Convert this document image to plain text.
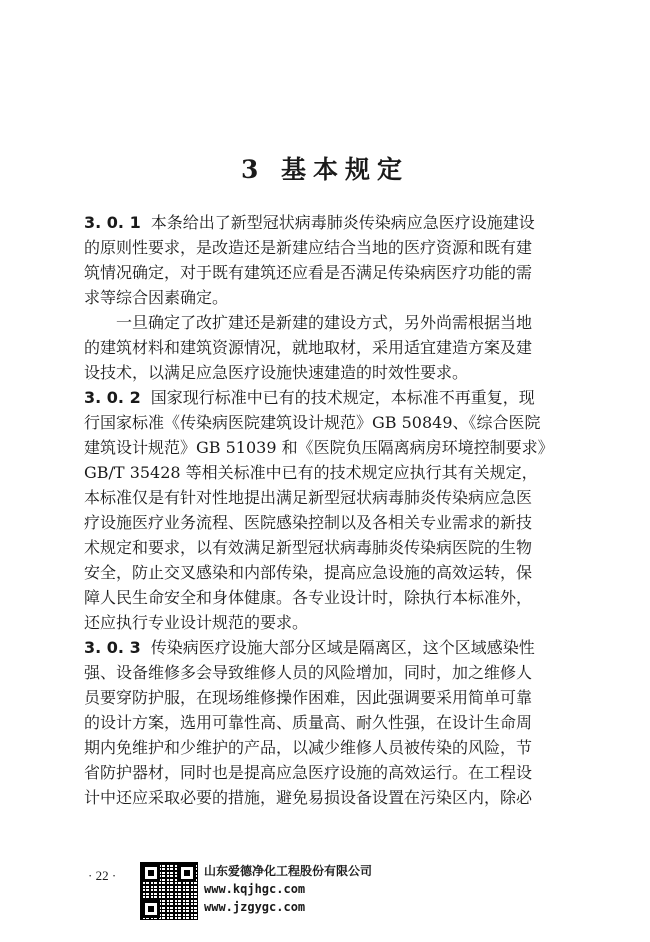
3 基本规定
3. 0. 1 本条给出了新型冠状病毒肺炎传染病应急医疗设施建设
的原则性要求，是改造还是新建应结合当地的医疗资源和既有建
筑情况确定，对于既有建筑还应看是否满足传染病医疗功能的需
求等综合因素确定。
一旦确定了改扩建还是新建的建设方式，另外尚需根据当地
的建筑材料和建筑资源情况，就地取材，采用适宜建造方案及建
设技术，以满足应急医疗设施快速建造的时效性要求。
3. 0. 2 国家现行标准中已有的技术规定，本标准不再重复，现
行国家标准《传染病医院建筑设计规范》GB 50849、《综合医院
建筑设计规范》GB 51039 和《医院负压隔离病房环境控制要求》
GB/T 35428 等相关标准中已有的技术规定应执行其有关规定，
本标准仅是有针对性地提出满足新型冠状病毒肺炎传染病应急医
疗设施医疗业务流程、医院感染控制以及各相关专业需求的新技
术规定和要求，以有效满足新型冠状病毒肺炎传染病医院的生物
安全，防止交叉感染和内部传染，提高应急设施的高效运转，保
障人民生命安全和身体健康。各专业设计时，除执行本标准外，
还应执行专业设计规范的要求。
3. 0. 3 传染病医疗设施大部分区域是隔离区，这个区域感染性
强、设备维修多会导致维修人员的风险增加，同时，加之维修人
员要穿防护服，在现场维修操作困难，因此强调要采用简单可靠
的设计方案，选用可靠性高、质量高、耐久性强，在设计生命周
期内免维护和少维护的产品，以减少维修人员被传染的风险，节
省防护器材，同时也是提高应急医疗设施的高效运行。在工程设
计中还应采取必要的措施，避免易损设备设置在污染区内，除必
· 22 ·	山东爱德净化工程股份有限公司
www.kqjhgc.com
www.jzgygc.com
